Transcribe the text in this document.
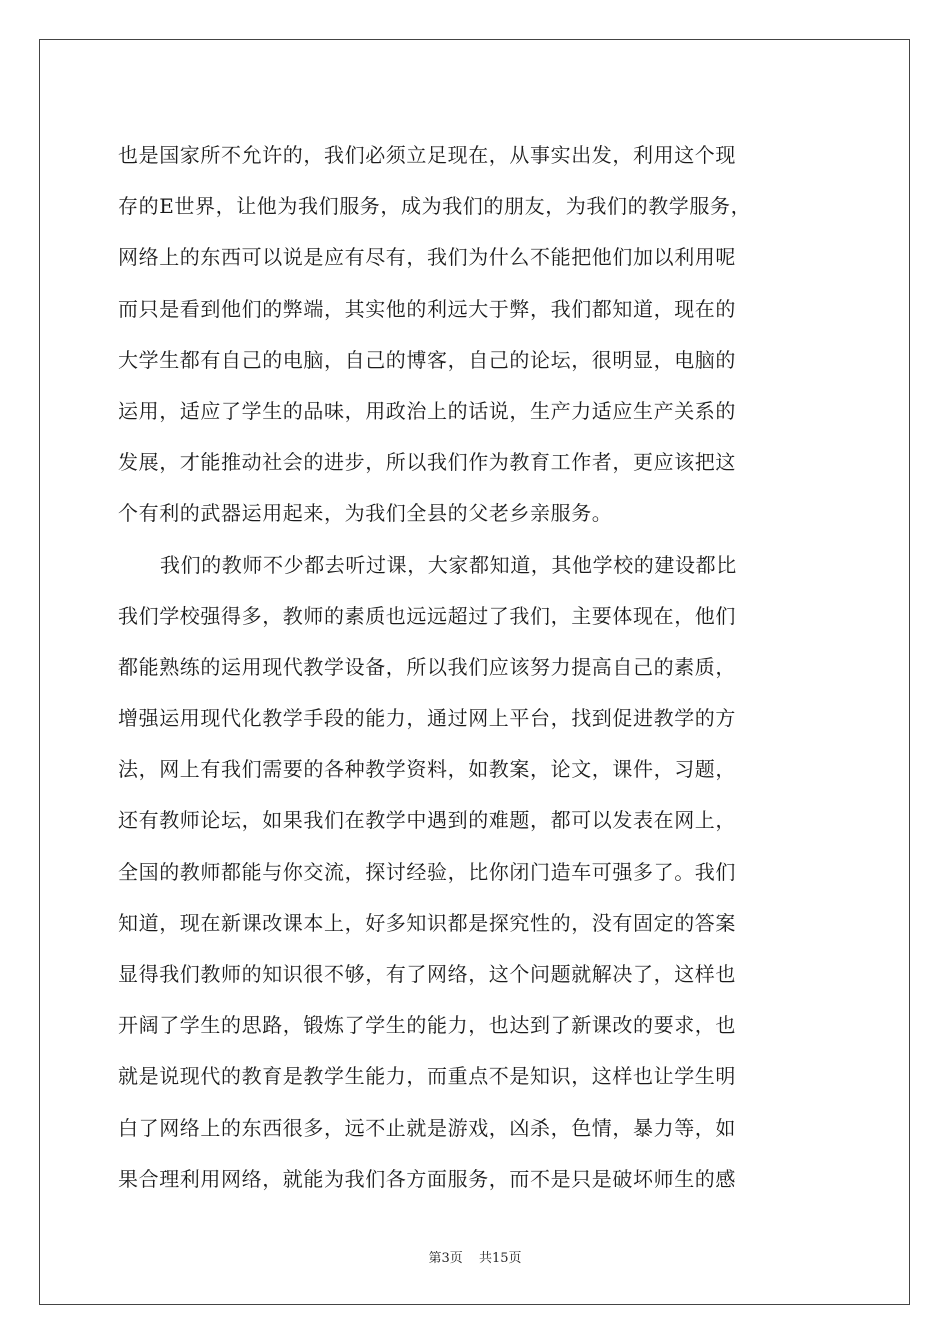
也是国家所不允许的，我们必须立足现在，从事实出发，利用这个现
存的E世界，让他为我们服务，成为我们的朋友，为我们的教学服务，
网络上的东西可以说是应有尽有，我们为什么不能把他们加以利用呢
而只是看到他们的弊端，其实他的利远大于弊，我们都知道，现在的
大学生都有自己的电脑，自己的博客，自己的论坛，很明显，电脑的
运用，适应了学生的品味，用政治上的话说，生产力适应生产关系的
发展，才能推动社会的进步，所以我们作为教育工作者，更应该把这
个有利的武器运用起来，为我们全县的父老乡亲服务。
我们的教师不少都去听过课，大家都知道，其他学校的建设都比
我们学校强得多，教师的素质也远远超过了我们，主要体现在，他们
都能熟练的运用现代教学设备，所以我们应该努力提高自己的素质，
增强运用现代化教学手段的能力，通过网上平台，找到促进教学的方
法，网上有我们需要的各种教学资料，如教案，论文，课件，习题，
还有教师论坛，如果我们在教学中遇到的难题，都可以发表在网上，
全国的教师都能与你交流，探讨经验，比你闭门造车可强多了。我们
知道，现在新课改课本上，好多知识都是探究性的，没有固定的答案
显得我们教师的知识很不够，有了网络，这个问题就解决了，这样也
开阔了学生的思路，锻炼了学生的能力，也达到了新课改的要求，也
就是说现代的教育是教学生能力，而重点不是知识，这样也让学生明
白了网络上的东西很多，远不止就是游戏，凶杀，色情，暴力等，如
果合理利用网络，就能为我们各方面服务，而不是只是破坏师生的感
第3页 共15页
